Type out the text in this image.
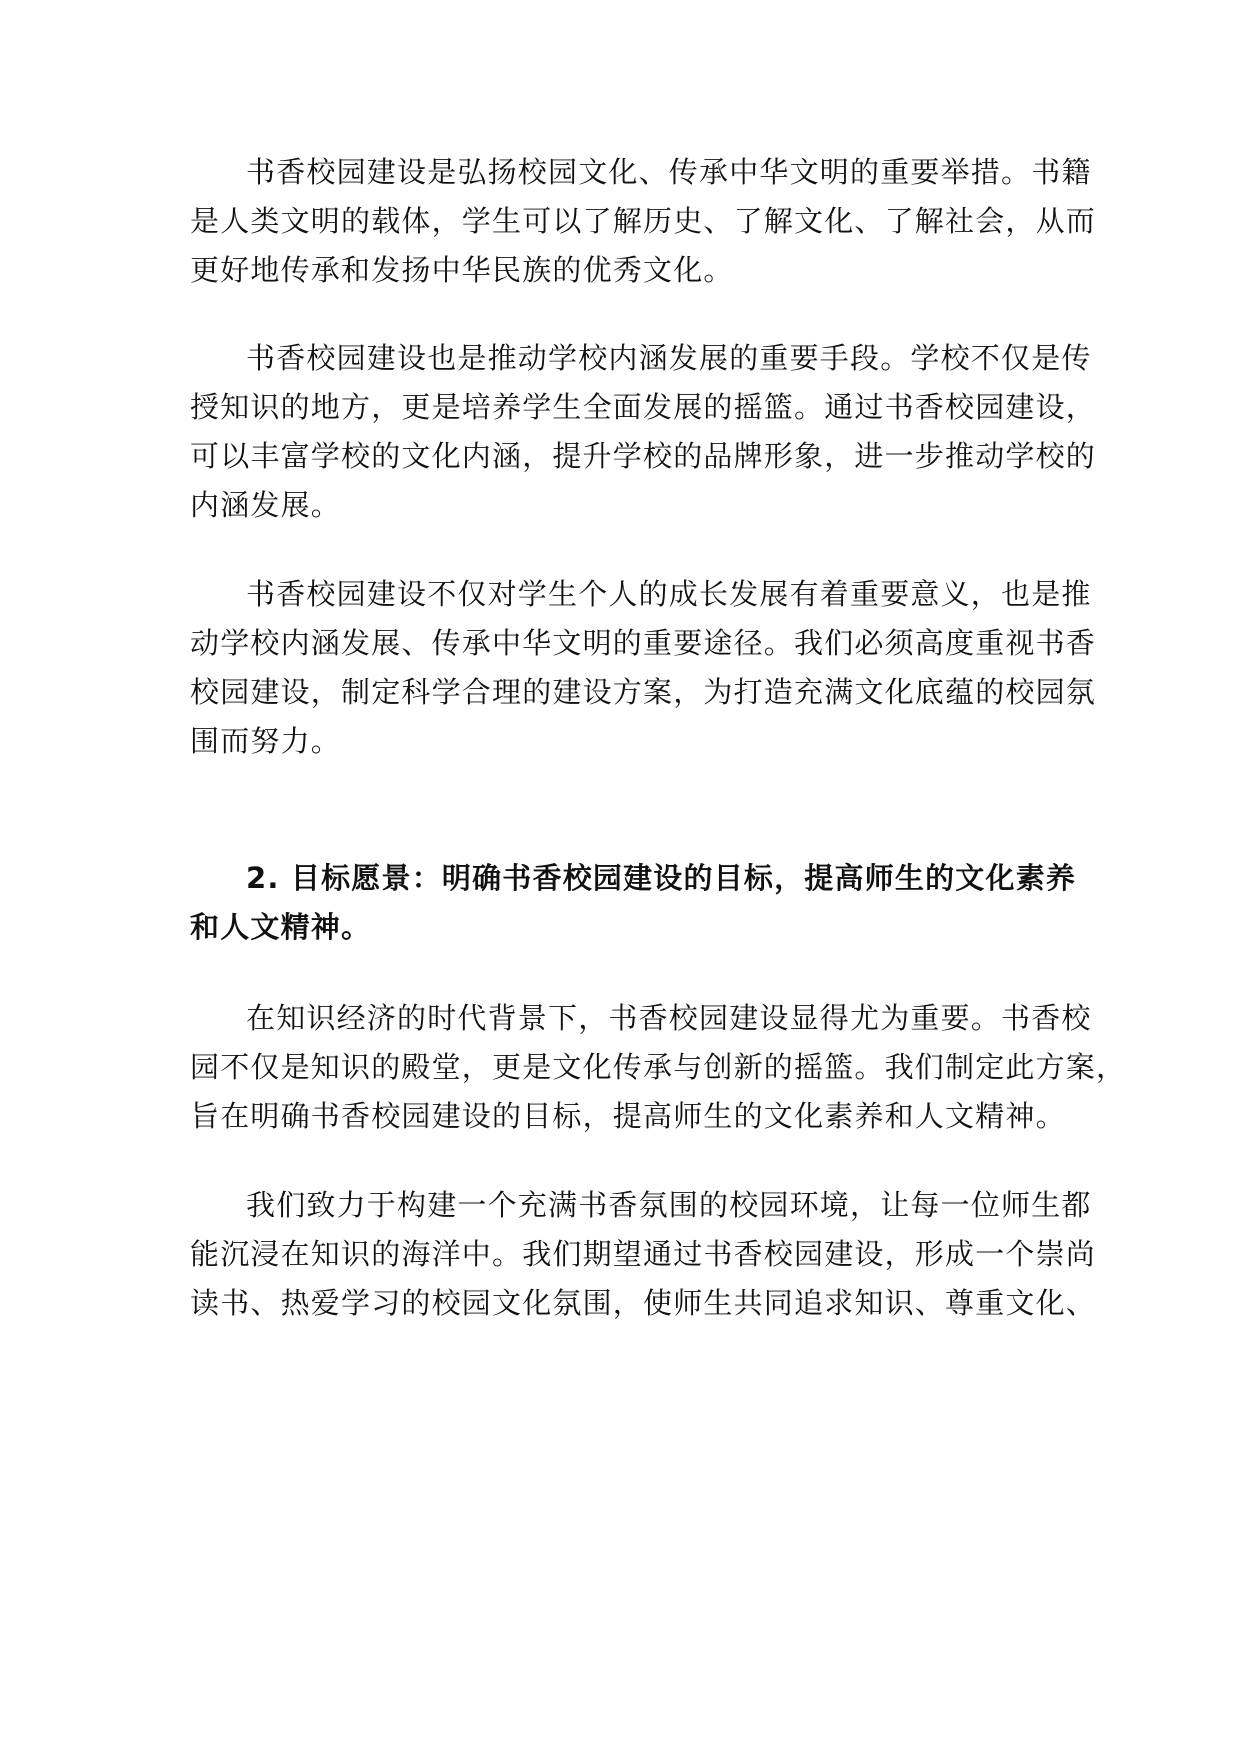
书香校园建设是弘扬校园文化、传承中华文明的重要举措。书籍
是人类文明的载体，学生可以了解历史、了解文化、了解社会，从而
更好地传承和发扬中华民族的优秀文化。
书香校园建设也是推动学校内涵发展的重要手段。学校不仅是传
授知识的地方，更是培养学生全面发展的摇篮。通过书香校园建设，
可以丰富学校的文化内涵，提升学校的品牌形象，进一步推动学校的
内涵发展。
书香校园建设不仅对学生个人的成长发展有着重要意义，也是推
动学校内涵发展、传承中华文明的重要途径。我们必须高度重视书香
校园建设，制定科学合理的建设方案，为打造充满文化底蕴的校园氛
围而努力。
2. 目标愿景：明确书香校园建设的目标，提高师生的文化素养
和人文精神。
在知识经济的时代背景下，书香校园建设显得尤为重要。书香校
园不仅是知识的殿堂，更是文化传承与创新的摇篮。我们制定此方案，
旨在明确书香校园建设的目标，提高师生的文化素养和人文精神。
我们致力于构建一个充满书香氛围的校园环境，让每一位师生都
能沉浸在知识的海洋中。我们期望通过书香校园建设，形成一个崇尚
读书、热爱学习的校园文化氛围，使师生共同追求知识、尊重文化、
